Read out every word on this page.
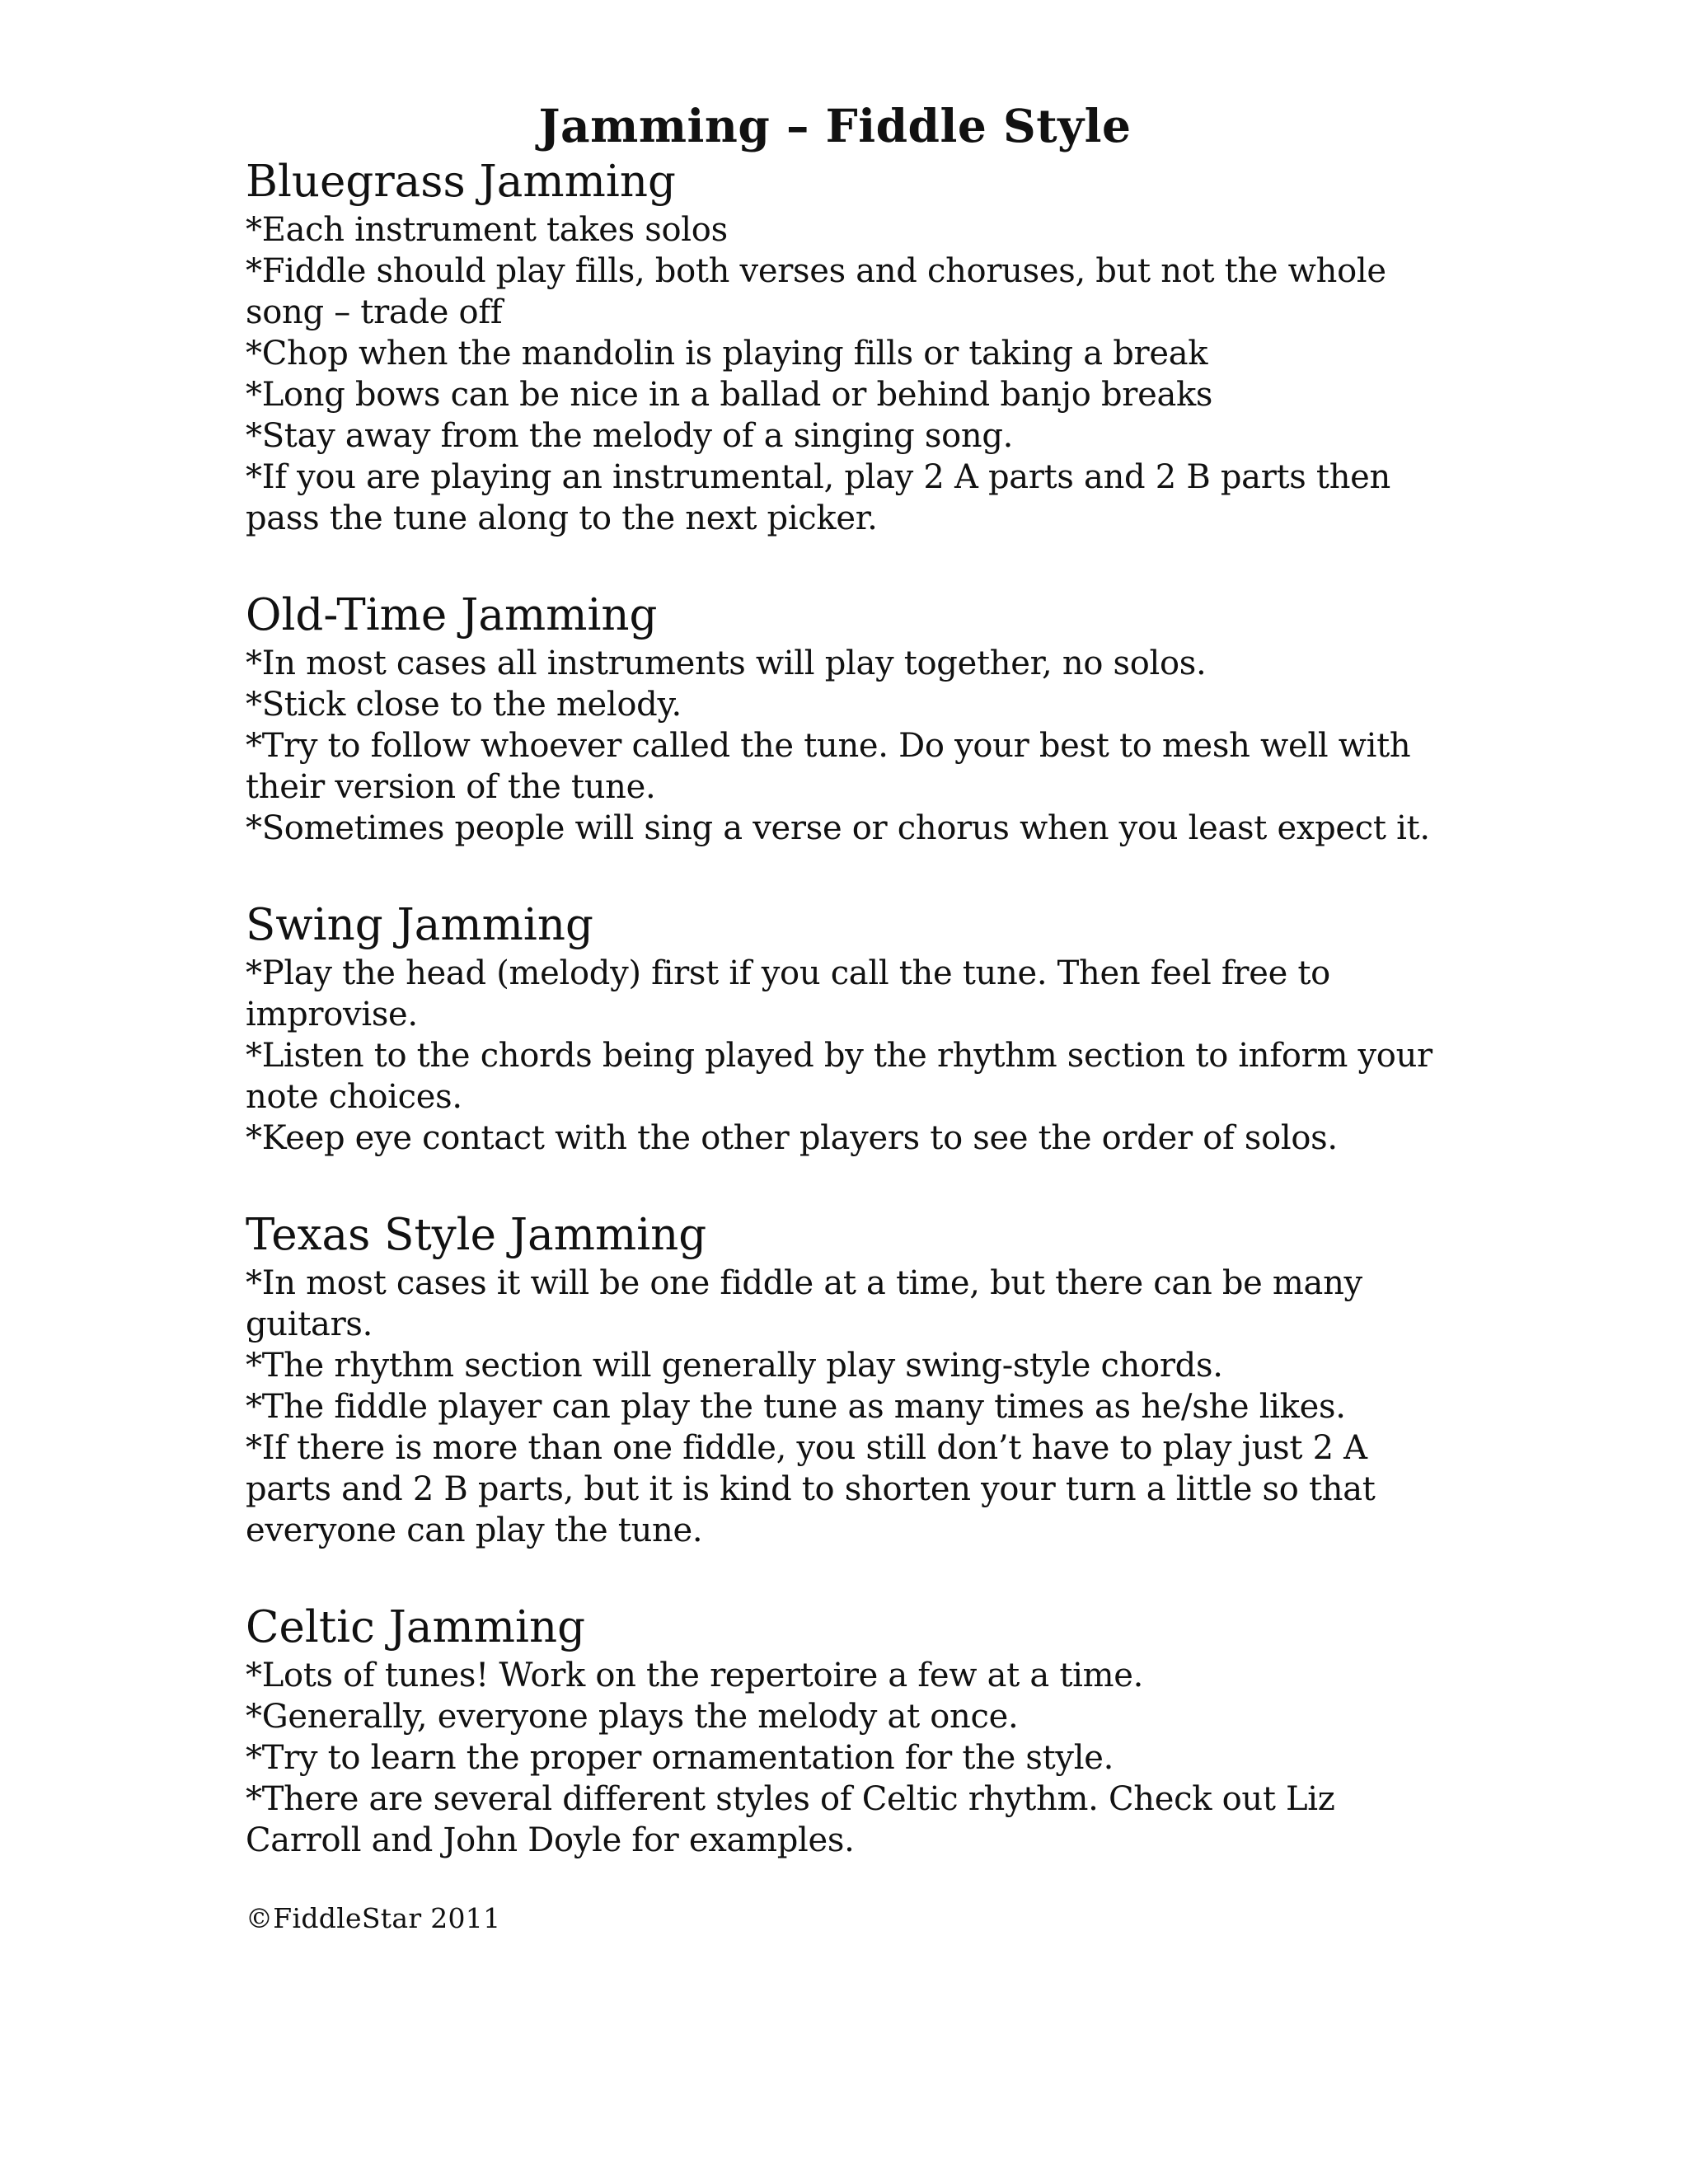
Jamming – Fiddle Style
Bluegrass Jamming
*Each instrument takes solos
*Fiddle should play fills, both verses and choruses, but not the whole song – trade off
*Chop when the mandolin is playing fills or taking a break
*Long bows can be nice in a ballad or behind banjo breaks
*Stay away from the melody of a singing song.
*If you are playing an instrumental, play 2 A parts and 2 B parts then pass the tune along to the next picker.
Old-Time Jamming
*In most cases all instruments will play together, no solos.
*Stick close to the melody.
*Try to follow whoever called the tune. Do your best to mesh well with their version of the tune.
*Sometimes people will sing a verse or chorus when you least expect it.
Swing Jamming
*Play the head (melody) first if you call the tune. Then feel free to improvise.
*Listen to the chords being played by the rhythm section to inform your note choices.
*Keep eye contact with the other players to see the order of solos.
Texas Style Jamming
*In most cases it will be one fiddle at a time, but there can be many guitars.
*The rhythm section will generally play swing-style chords.
*The fiddle player can play the tune as many times as he/she likes.
*If there is more than one fiddle, you still don’t have to play just 2 A parts and 2 B parts, but it is kind to shorten your turn a little so that everyone can play the tune.
Celtic Jamming
*Lots of tunes! Work on the repertoire a few at a time.
*Generally, everyone plays the melody at once.
*Try to learn the proper ornamentation for the style.
*There are several different styles of Celtic rhythm. Check out Liz Carroll and John Doyle for examples.
©FiddleStar 2011
